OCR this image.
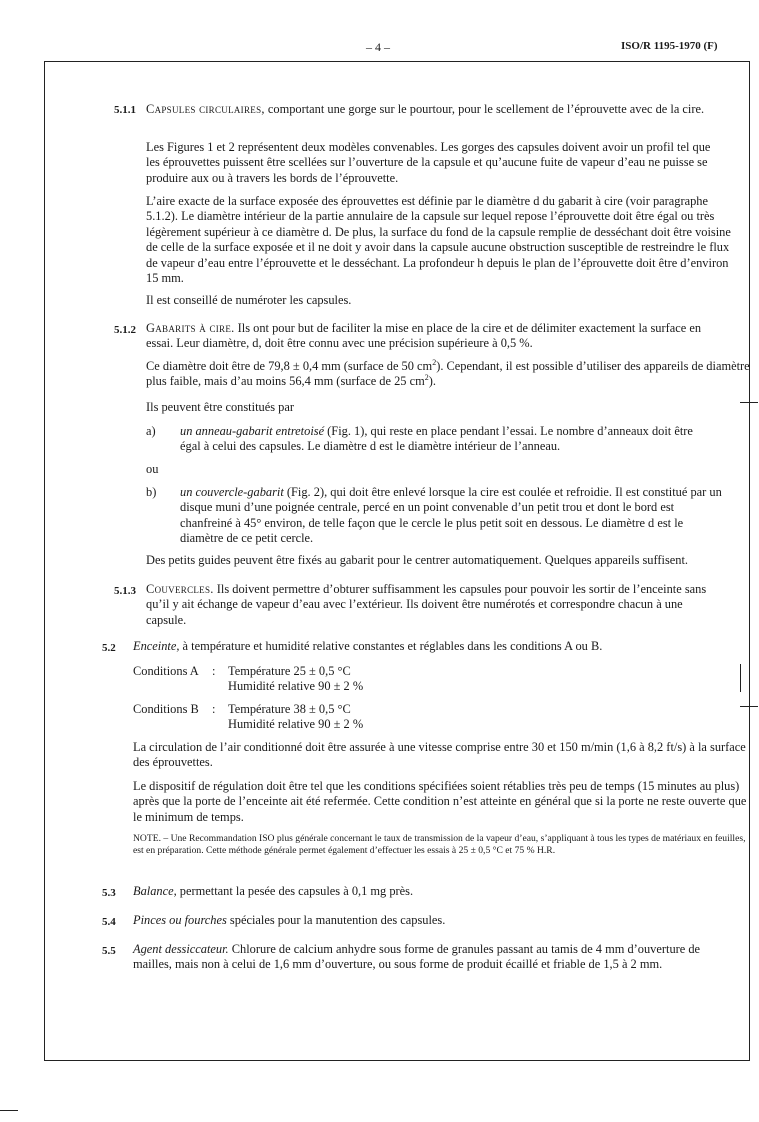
– 4 –	ISO/R 1195-1970 (F)
5.1.1 Capsules circulaires, comportant une gorge sur le pourtour, pour le scellement de l’éprouvette avec de la cire.
Les Figures 1 et 2 représentent deux modèles convenables. Les gorges des capsules doivent avoir un profil tel que les éprouvettes puissent être scellées sur l’ouverture de la capsule et qu’aucune fuite de vapeur d’eau ne puisse se produire aux ou à travers les bords de l’éprouvette.
L’aire exacte de la surface exposée des éprouvettes est définie par le diamètre d du gabarit à cire (voir paragraphe 5.1.2). Le diamètre intérieur de la partie annulaire de la capsule sur lequel repose l’éprouvette doit être égal ou très légèrement supérieur à ce diamètre d. De plus, la surface du fond de la capsule remplie de desséchant doit être voisine de celle de la surface exposée et il ne doit y avoir dans la capsule aucune obstruction susceptible de restreindre le flux de vapeur d’eau entre l’éprouvette et le desséchant. La profondeur h depuis le plan de l’éprouvette doit être d’environ 15 mm.
Il est conseillé de numéroter les capsules.
5.1.2 Gabarits à cire. Ils ont pour but de faciliter la mise en place de la cire et de délimiter exactement la surface en essai. Leur diamètre, d, doit être connu avec une précision supérieure à 0,5 %.
Ce diamètre doit être de 79,8 ± 0,4 mm (surface de 50 $cm^2$). Cependant, il est possible d’utiliser des appareils de diamètre plus faible, mais d’au moins 56,4 mm (surface de 25 $cm^2$).
Ils peuvent être constitués par
a) un anneau-gabarit entretoisé (Fig. 1), qui reste en place pendant l’essai. Le nombre d’anneaux doit être égal à celui des capsules. Le diamètre d est le diamètre intérieur de l’anneau.
ou
b) un couvercle-gabarit (Fig. 2), qui doit être enlevé lorsque la cire est coulée et refroidie. Il est constitué par un disque muni d’une poignée centrale, percé en un point convenable d’un petit trou et dont le bord est chanfreiné à 45° environ, de telle façon que le cercle le plus petit soit en dessous. Le diamètre d est le diamètre de ce petit cercle.
Des petits guides peuvent être fixés au gabarit pour le centrer automatiquement. Quelques appareils suffisent.
5.1.3 Couvercles. Ils doivent permettre d’obturer suffisamment les capsules pour pouvoir les sortir de l’enceinte sans qu’il y ait échange de vapeur d’eau avec l’extérieur. Ils doivent être numérotés et correspondre chacun à une capsule.
5.2 Enceinte, à température et humidité relative constantes et réglables dans les conditions A ou B.
Conditions A : Température 25 ± 0,5 °C
Humidité relative 90 ± 2 %
Conditions B : Température 38 ± 0,5 °C
Humidité relative 90 ± 2 %
La circulation de l’air conditionné doit être assurée à une vitesse comprise entre 30 et 150 m/min (1,6 à 8,2 ft/s) à la surface des éprouvettes.
Le dispositif de régulation doit être tel que les conditions spécifiées soient rétablies très peu de temps (15 minutes au plus) après que la porte de l’enceinte ait été refermée. Cette condition n’est atteinte en général que si la porte ne reste ouverte que le minimum de temps.
NOTE. – Une Recommandation ISO plus générale concernant le taux de transmission de la vapeur d’eau, s’appliquant à tous les types de matériaux en feuilles, est en préparation. Cette méthode générale permet également d’effectuer les essais à 25 ± 0,5 °C et 75 % H.R.
5.3 Balance, permettant la pesée des capsules à 0,1 mg près.
5.4 Pinces ou fourches spéciales pour la manutention des capsules.
5.5 Agent dessiccateur. Chlorure de calcium anhydre sous forme de granules passant au tamis de 4 mm d’ouverture de mailles, mais non à celui de 1,6 mm d’ouverture, ou sous forme de produit écaillé et friable de 1,5 à 2 mm.
